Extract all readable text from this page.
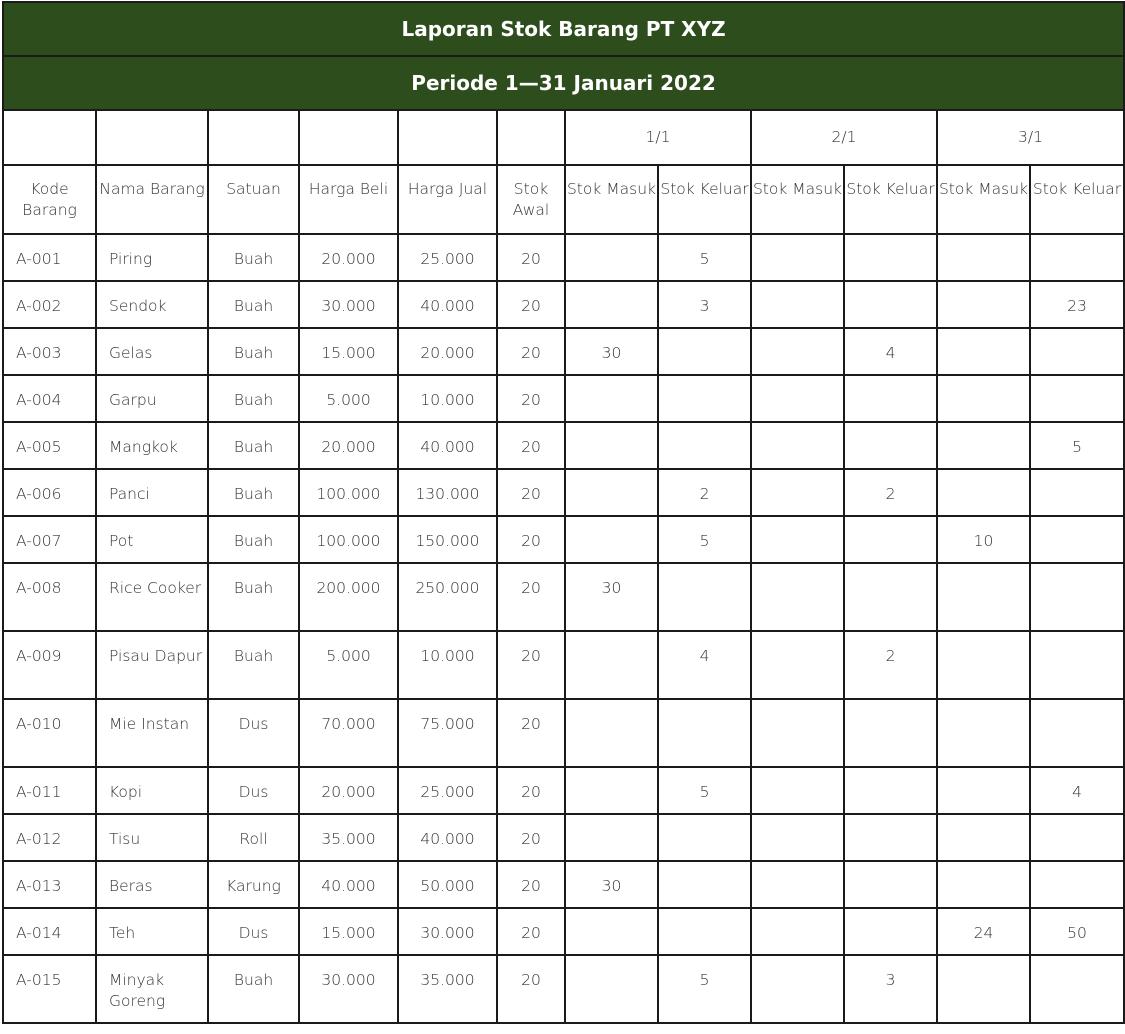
Laporan Stok Barang PT XYZ											
Periode 1—31 Januari 2022											
						1/1		2/1		3/1	
Kode Barang	Nama Barang	Satuan	Harga Beli	Harga Jual	Stok Awal	Stok Masuk	Stok Keluar	Stok Masuk	Stok Keluar	Stok Masuk	Stok Keluar
A-001	Piring	Buah	20.000	25.000	20		5				
A-002	Sendok	Buah	30.000	40.000	20		3				23
A-003	Gelas	Buah	15.000	20.000	20	30			4		
A-004	Garpu	Buah	5.000	10.000	20						
A-005	Mangkok	Buah	20.000	40.000	20						5
A-006	Panci	Buah	100.000	130.000	20		2		2		
A-007	Pot	Buah	100.000	150.000	20		5			10	
A-008	Rice Cooker	Buah	200.000	250.000	20	30					
A-009	Pisau Dapur	Buah	5.000	10.000	20		4		2		
A-010	Mie Instan	Dus	70.000	75.000	20						
A-011	Kopi	Dus	20.000	25.000	20		5				4
A-012	Tisu	Roll	35.000	40.000	20						
A-013	Beras	Karung	40.000	50.000	20	30					
A-014	Teh	Dus	15.000	30.000	20					24	50
A-015	Minyak Goreng	Buah	30.000	35.000	20		5		3		
